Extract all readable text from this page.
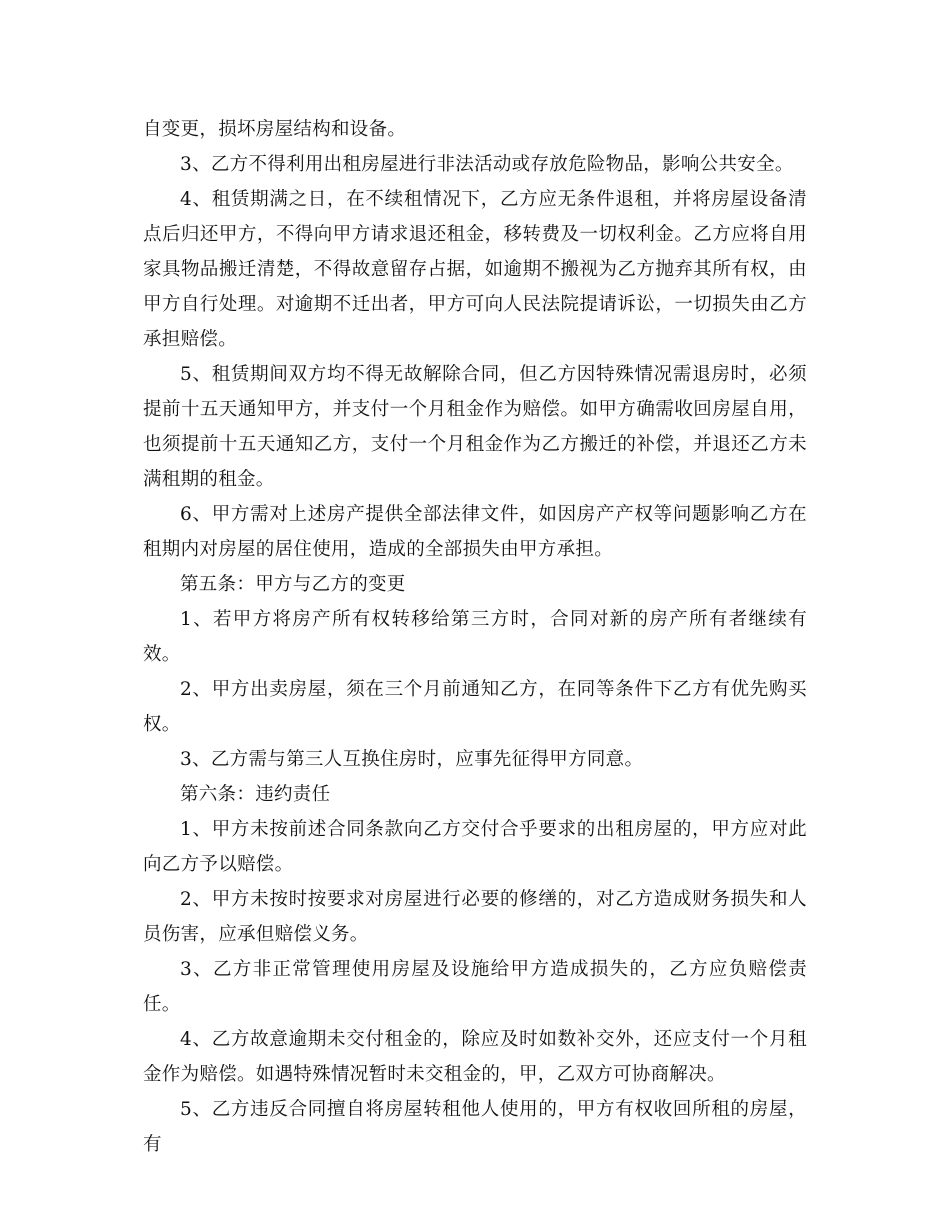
自变更，损坏房屋结构和设备。

3、乙方不得利用出租房屋进行非法活动或存放危险物品，影响公共安全。

4、租赁期满之日，在不续租情况下，乙方应无条件退租，并将房屋设备清点后归还甲方，不得向甲方请求退还租金，移转费及一切权利金。乙方应将自用家具物品搬迁清楚，不得故意留存占据，如逾期不搬视为乙方抛弃其所有权，由甲方自行处理。对逾期不迁出者，甲方可向人民法院提请诉讼，一切损失由乙方承担赔偿。

5、租赁期间双方均不得无故解除合同，但乙方因特殊情况需退房时，必须提前十五天通知甲方，并支付一个月租金作为赔偿。如甲方确需收回房屋自用，也须提前十五天通知乙方，支付一个月租金作为乙方搬迁的补偿，并退还乙方未满租期的租金。

6、甲方需对上述房产提供全部法律文件，如因房产产权等问题影响乙方在租期内对房屋的居住使用，造成的全部损失由甲方承担。

第五条：甲方与乙方的变更

1、若甲方将房产所有权转移给第三方时，合同对新的房产所有者继续有效。

2、甲方出卖房屋，须在三个月前通知乙方，在同等条件下乙方有优先购买权。

3、乙方需与第三人互换住房时，应事先征得甲方同意。

第六条：违约责任

1、甲方未按前述合同条款向乙方交付合乎要求的出租房屋的，甲方应对此向乙方予以赔偿。

2、甲方未按时按要求对房屋进行必要的修缮的，对乙方造成财务损失和人员伤害，应承但赔偿义务。

3、乙方非正常管理使用房屋及设施给甲方造成损失的，乙方应负赔偿责任。

4、乙方故意逾期未交付租金的，除应及时如数补交外，还应支付一个月租金作为赔偿。如遇特殊情况暂时未交租金的，甲，乙双方可协商解决。

5、乙方违反合同擅自将房屋转租他人使用的，甲方有权收回所租的房屋，有
